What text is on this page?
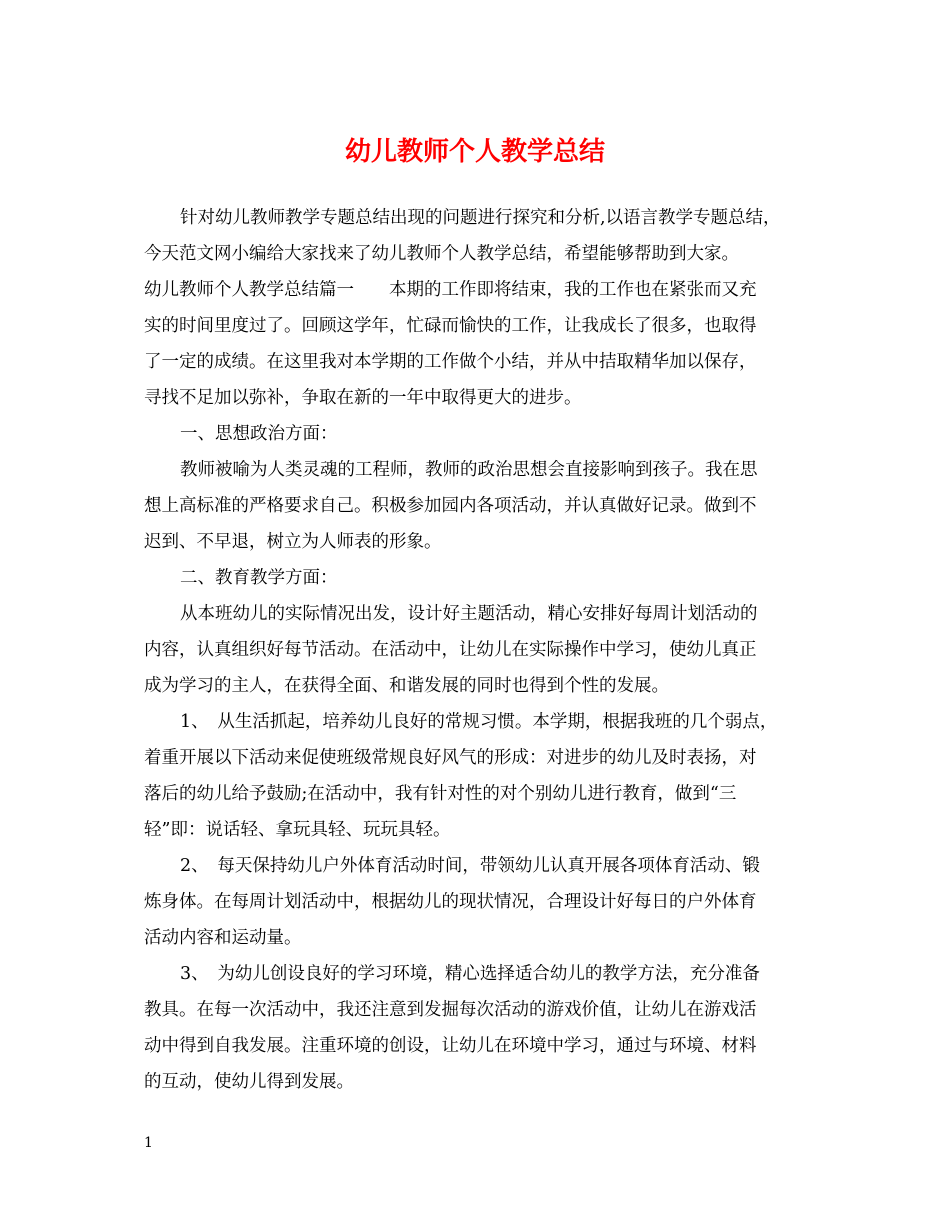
幼儿教师个人教学总结
针对幼儿教师教学专题总结出现的问题进行探究和分析,以语言教学专题总结，
今天范文网小编给大家找来了幼儿教师个人教学总结，希望能够帮助到大家。
幼儿教师个人教学总结篇一　　本期的工作即将结束，我的工作也在紧张而又充
实的时间里度过了。回顾这学年，忙碌而愉快的工作，让我成长了很多，也取得
了一定的成绩。在这里我对本学期的工作做个小结，并从中拮取精华加以保存，
寻找不足加以弥补，争取在新的一年中取得更大的进步。
一、思想政治方面：
教师被喻为人类灵魂的工程师，教师的政治思想会直接影响到孩子。我在思
想上高标准的严格要求自己。积极参加园内各项活动，并认真做好记录。做到不
迟到、不早退，树立为人师表的形象。
二、教育教学方面：
从本班幼儿的实际情况出发，设计好主题活动，精心安排好每周计划活动的
内容，认真组织好每节活动。在活动中，让幼儿在实际操作中学习，使幼儿真正
成为学习的主人，在获得全面、和谐发展的同时也得到个性的发展。
1、　从生活抓起，培养幼儿良好的常规习惯。本学期，根据我班的几个弱点，
着重开展以下活动来促使班级常规良好风气的形成：对进步的幼儿及时表扬，对
落后的幼儿给予鼓励;在活动中，我有针对性的对个别幼儿进行教育，做到“三
轻”即：说话轻、拿玩具轻、玩玩具轻。
2、　每天保持幼儿户外体育活动时间，带领幼儿认真开展各项体育活动、锻
炼身体。在每周计划活动中，根据幼儿的现状情况，合理设计好每日的户外体育
活动内容和运动量。
3、　为幼儿创设良好的学习环境，精心选择适合幼儿的教学方法，充分准备
教具。在每一次活动中，我还注意到发掘每次活动的游戏价值，让幼儿在游戏活
动中得到自我发展。注重环境的创设，让幼儿在环境中学习，通过与环境、材料
的互动，使幼儿得到发展。
1
